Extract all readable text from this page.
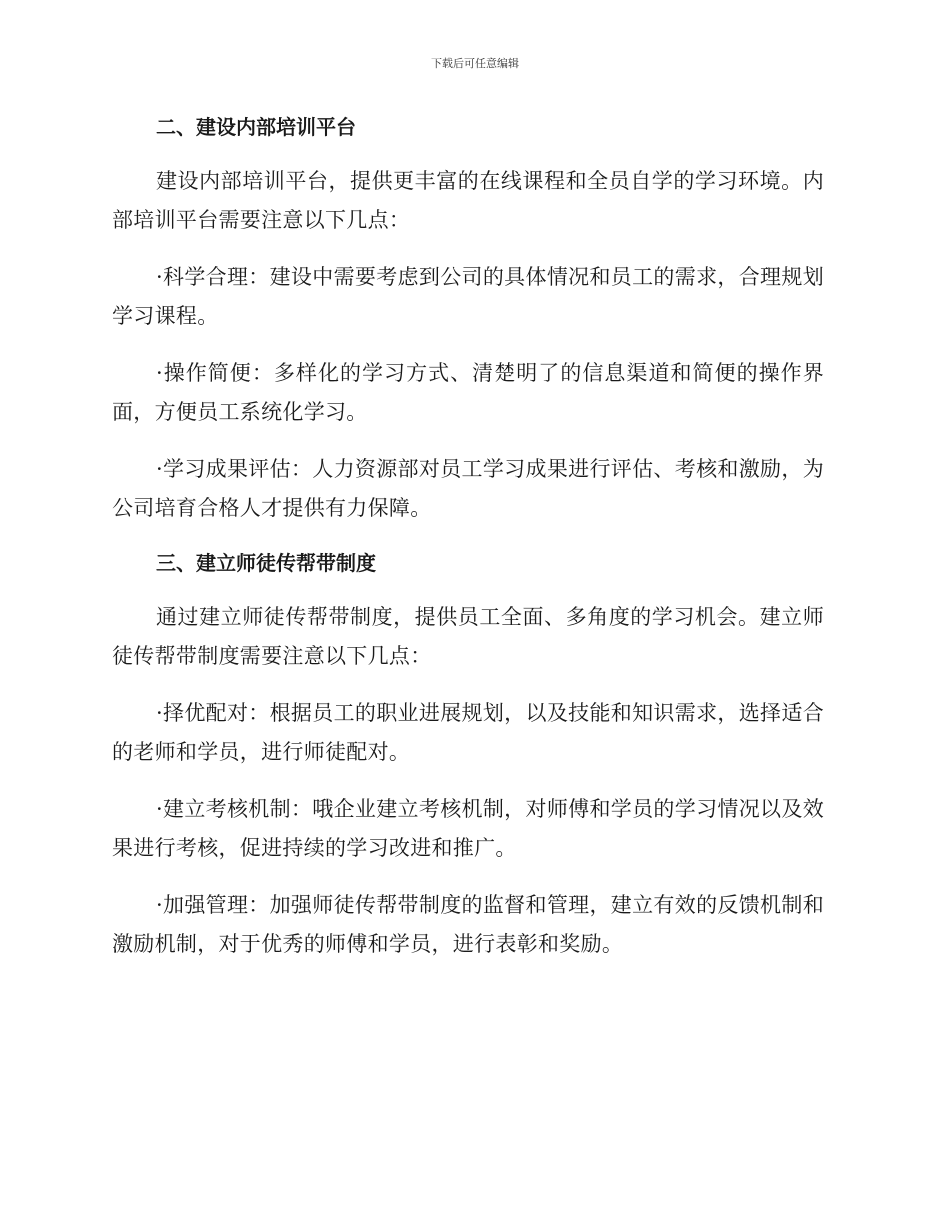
下载后可任意编辑
二、建设内部培训平台

建设内部培训平台，提供更丰富的在线课程和全员自学的学习环境。内部培训平台需要注意以下几点：

·科学合理：建设中需要考虑到公司的具体情况和员工的需求，合理规划学习课程。

·操作简便：多样化的学习方式、清楚明了的信息渠道和简便的操作界面，方便员工系统化学习。

·学习成果评估：人力资源部对员工学习成果进行评估、考核和激励，为公司培育合格人才提供有力保障。

三、建立师徒传帮带制度

通过建立师徒传帮带制度，提供员工全面、多角度的学习机会。建立师徒传帮带制度需要注意以下几点：

·择优配对：根据员工的职业进展规划，以及技能和知识需求，选择适合的老师和学员，进行师徒配对。

·建立考核机制：哦企业建立考核机制，对师傅和学员的学习情况以及效果进行考核，促进持续的学习改进和推广。

·加强管理：加强师徒传帮带制度的监督和管理，建立有效的反馈机制和激励机制，对于优秀的师傅和学员，进行表彰和奖励。
